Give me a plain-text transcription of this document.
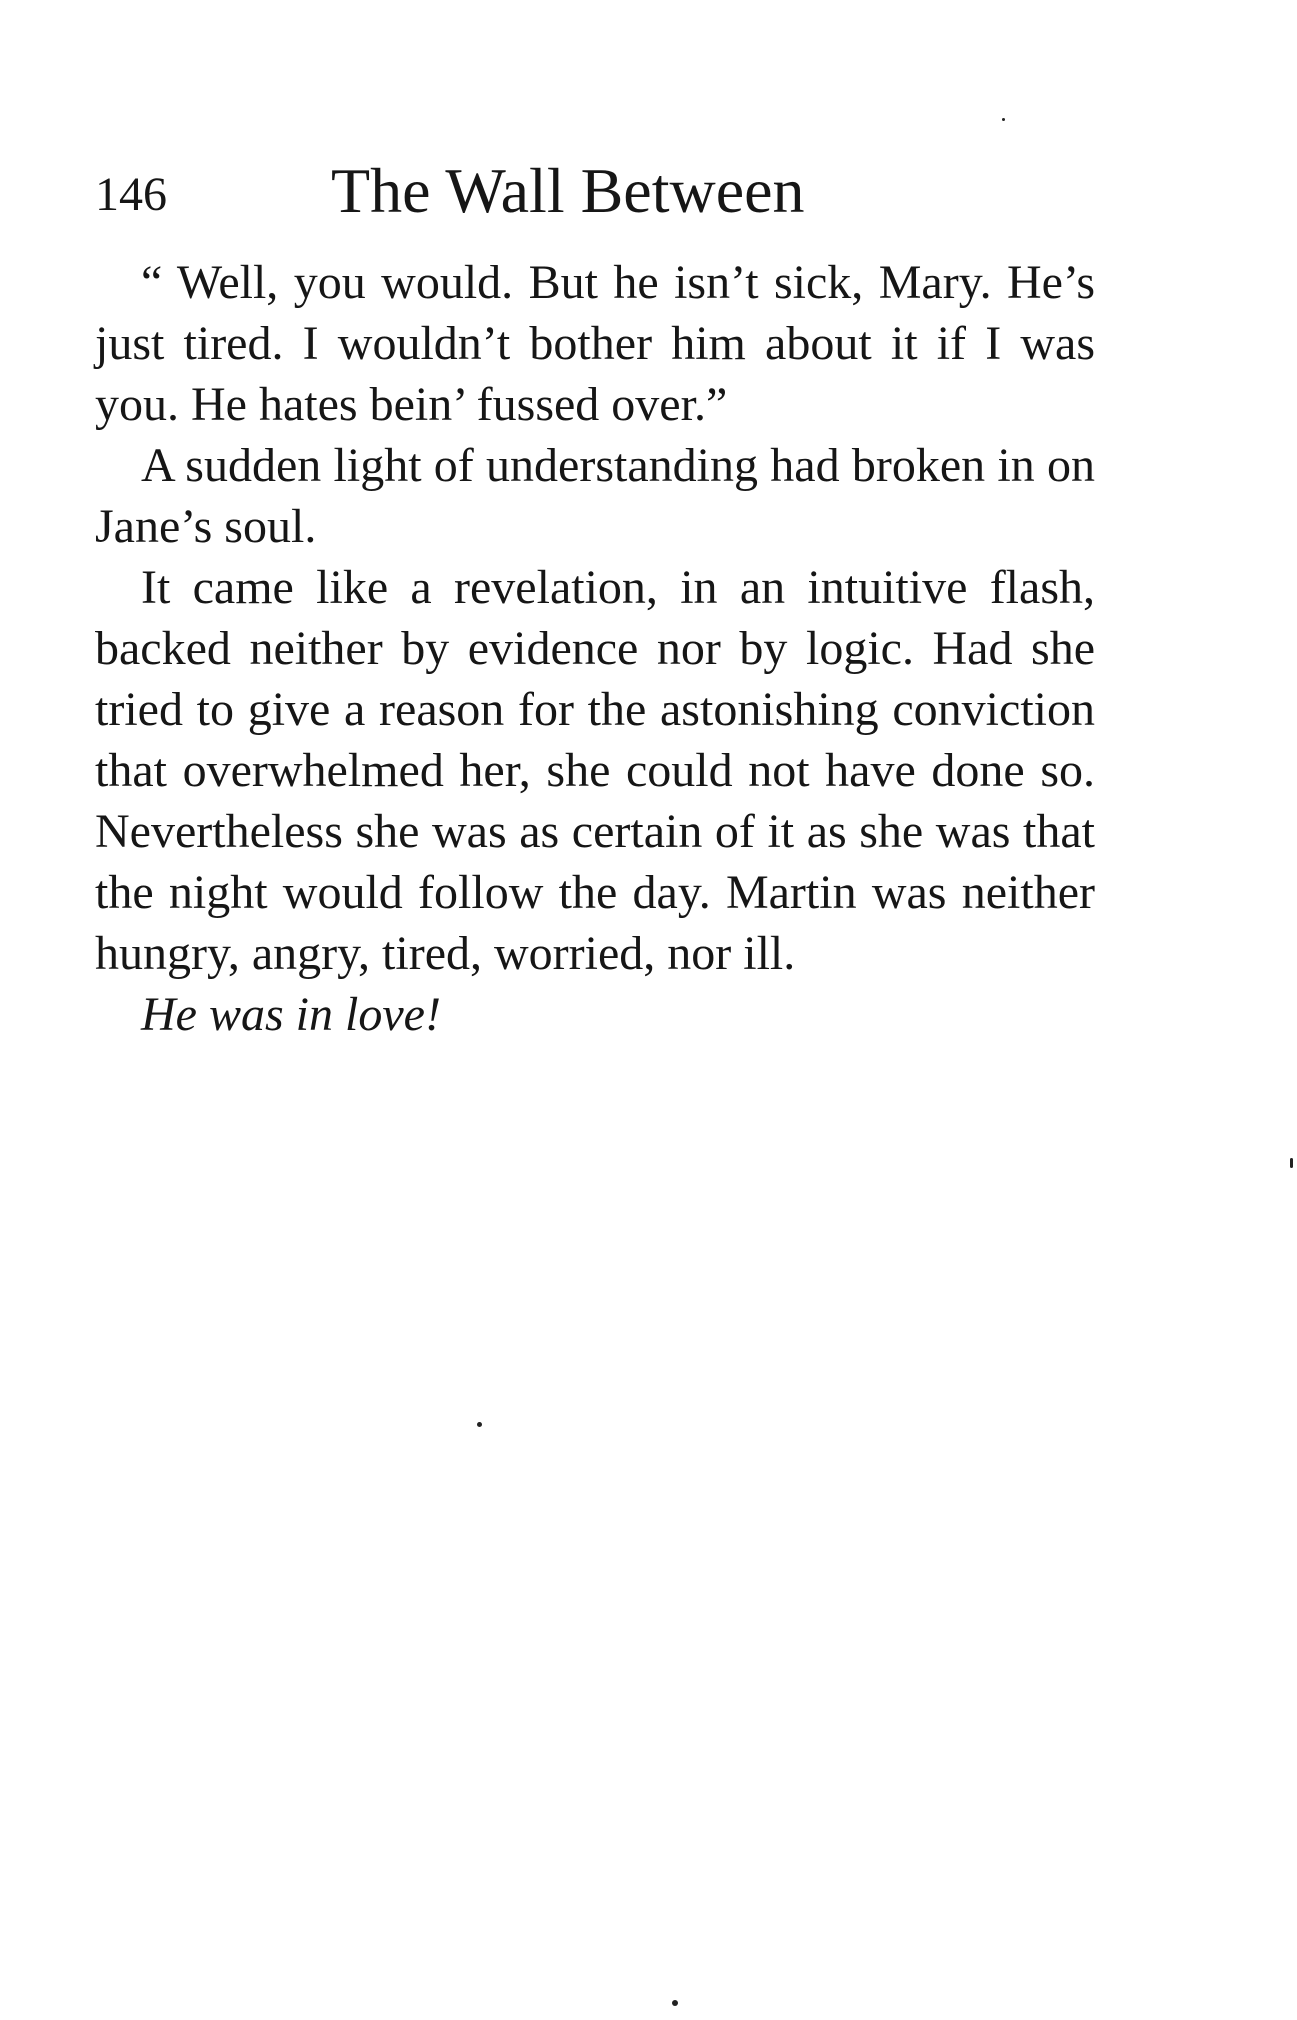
146	The Wall Between

“ Well, you would. But he isn’t sick, Mary. He’s just tired. I wouldn’t bother him about it if I was you. He hates bein’ fussed over.”

A sudden light of understanding had broken in on Jane’s soul.

It came like a revelation, in an intuitive flash, backed neither by evidence nor by logic. Had she tried to give a reason for the astonishing conviction that overwhelmed her, she could not have done so. Nevertheless she was as certain of it as she was that the night would follow the day. Martin was neither hungry, angry, tired, worried, nor ill.

He was in love!
